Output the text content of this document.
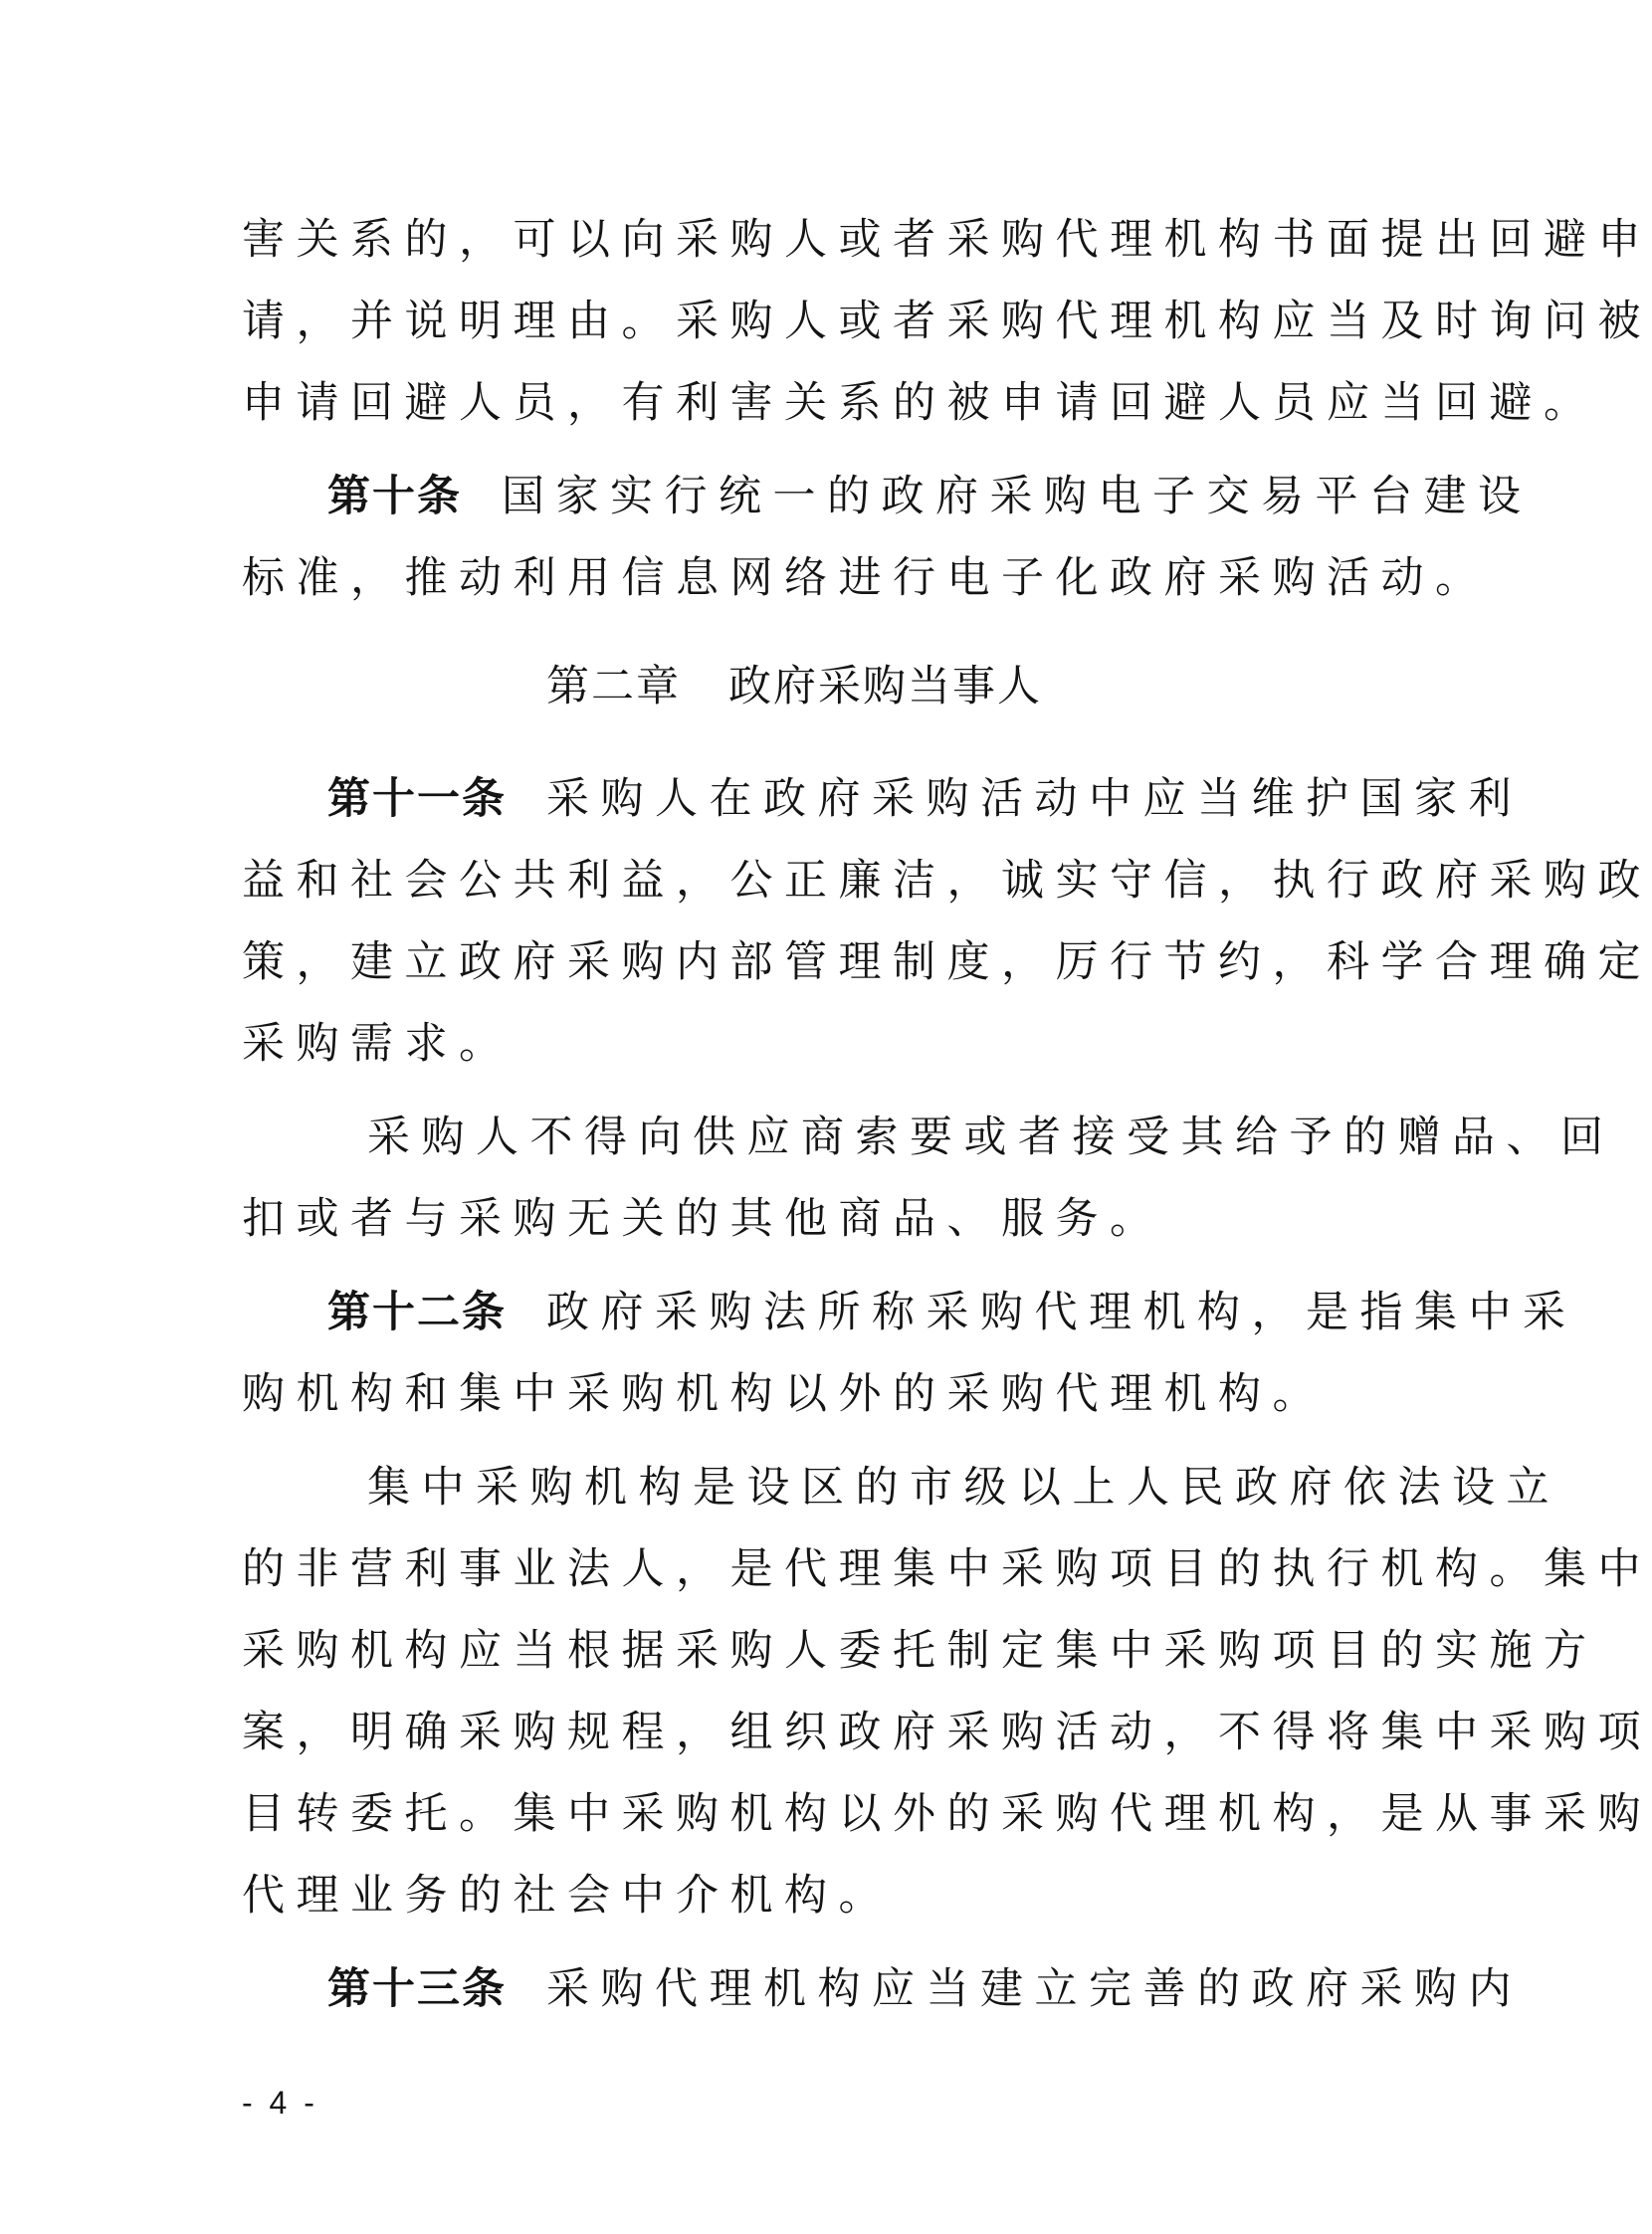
害关系的，可以向采购人或者采购代理机构书面提出回避申
请，并说明理由。采购人或者采购代理机构应当及时询问被
申请回避人员，有利害关系的被申请回避人员应当回避。
第十条 国家实行统一的政府采购电子交易平台建设
标准，推动利用信息网络进行电子化政府采购活动。
第二章 政府采购当事人
第十一条 采购人在政府采购活动中应当维护国家利
益和社会公共利益，公正廉洁，诚实守信，执行政府采购政
策，建立政府采购内部管理制度，厉行节约，科学合理确定
采购需求。
采购人不得向供应商索要或者接受其给予的赠品、回
扣或者与采购无关的其他商品、服务。
第十二条 政府采购法所称采购代理机构，是指集中采
购机构和集中采购机构以外的采购代理机构。
集中采购机构是设区的市级以上人民政府依法设立
的非营利事业法人，是代理集中采购项目的执行机构。集中
采购机构应当根据采购人委托制定集中采购项目的实施方
案，明确采购规程，组织政府采购活动，不得将集中采购项
目转委托。集中采购机构以外的采购代理机构，是从事采购
代理业务的社会中介机构。
第十三条 采购代理机构应当建立完善的政府采购内
- 4 -
